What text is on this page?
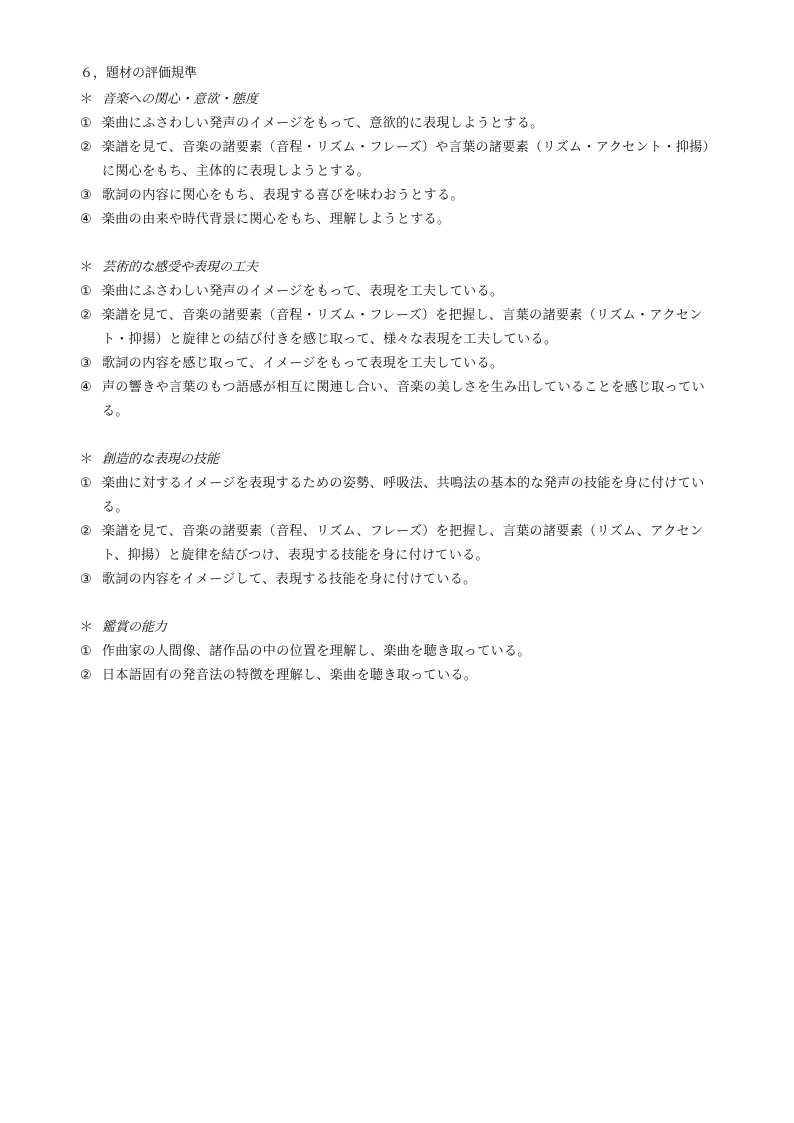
６，題材の評価規準
＊ 音楽への関心・意欲・態度
① 楽曲にふさわしい発声のイメージをもって、意欲的に表現しようとする。
② 楽譜を見て、音楽の諸要素（音程・リズム・フレーズ）や言葉の諸要素（リズム・アクセント・抑揚）に関心をもち、主体的に表現しようとする。
③ 歌詞の内容に関心をもち、表現する喜びを味わおうとする。
④ 楽曲の由来や時代背景に関心をもち、理解しようとする。
＊ 芸術的な感受や表現の工夫
① 楽曲にふさわしい発声のイメージをもって、表現を工夫している。
② 楽譜を見て、音楽の諸要素（音程・リズム・フレーズ）を把握し、言葉の諸要素（リズム・アクセント・抑揚）と旋律との結び付きを感じ取って、様々な表現を工夫している。
③ 歌詞の内容を感じ取って、イメージをもって表現を工夫している。
④ 声の響きや言葉のもつ語感が相互に関連し合い、音楽の美しさを生み出していることを感じ取っている。
＊ 創造的な表現の技能
① 楽曲に対するイメージを表現するための姿勢、呼吸法、共鳴法の基本的な発声の技能を身に付けている。
② 楽譜を見て、音楽の諸要素（音程、リズム、フレーズ）を把握し、言葉の諸要素（リズム、アクセント、抑揚）と旋律を結びつけ、表現する技能を身に付けている。
③ 歌詞の内容をイメージして、表現する技能を身に付けている。
＊ 鑑賞の能力
① 作曲家の人間像、諸作品の中の位置を理解し、楽曲を聴き取っている。
② 日本語固有の発音法の特徴を理解し、楽曲を聴き取っている。
